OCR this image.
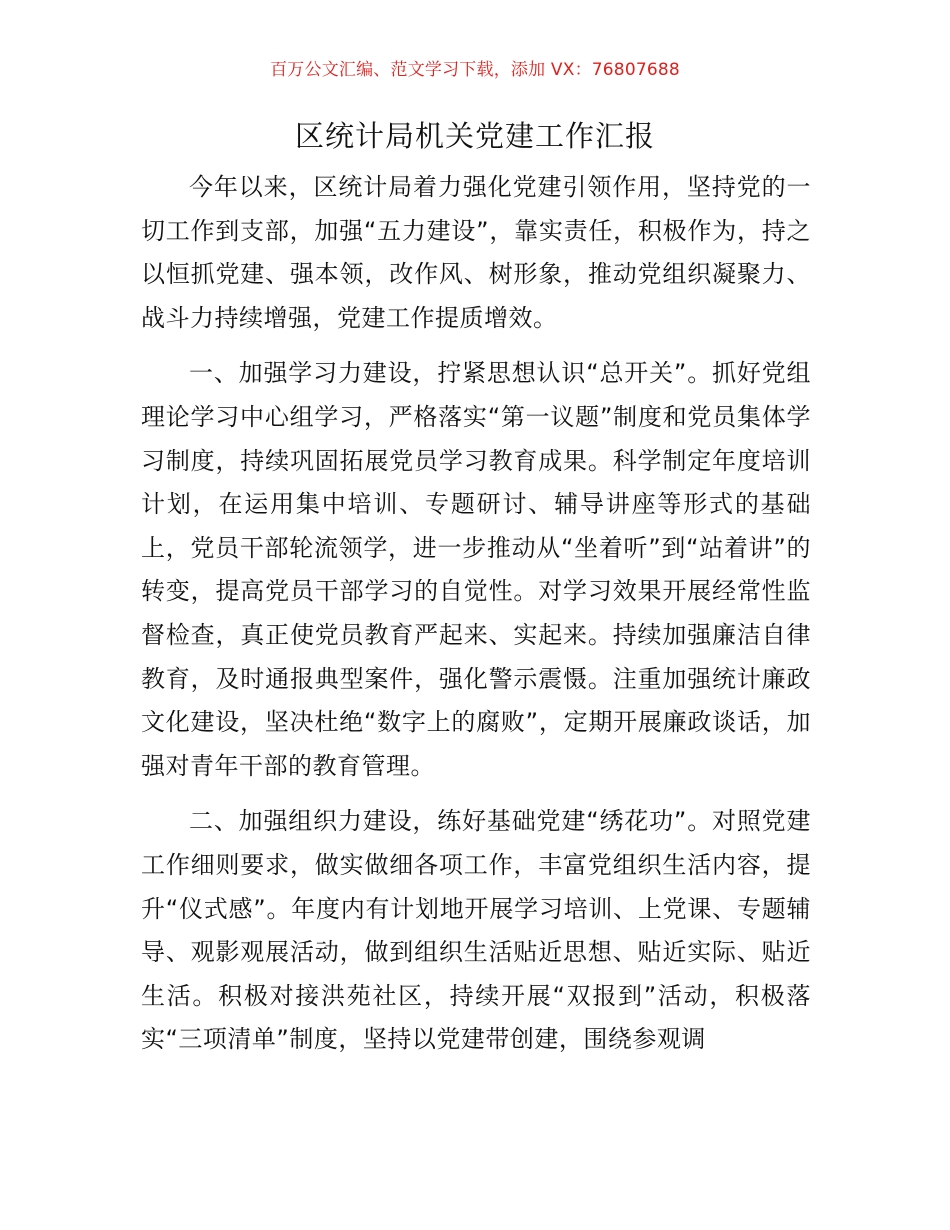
百万公文汇编、范文学习下载，添加 VX：76807688
区统计局机关党建工作汇报

今年以来，区统计局着力强化党建引领作用，坚持党的一切工作到支部，加强“五力建设”，靠实责任，积极作为，持之以恒抓党建、强本领，改作风、树形象，推动党组织凝聚力、战斗力持续增强，党建工作提质增效。

一、加强学习力建设，拧紧思想认识“总开关”。抓好党组理论学习中心组学习，严格落实“第一议题”制度和党员集体学习制度，持续巩固拓展党员学习教育成果。科学制定年度培训计划，在运用集中培训、专题研讨、辅导讲座等形式的基础上，党员干部轮流领学，进一步推动从“坐着听”到“站着讲”的转变，提高党员干部学习的自觉性。对学习效果开展经常性监督检查，真正使党员教育严起来、实起来。持续加强廉洁自律教育，及时通报典型案件，强化警示震慑。注重加强统计廉政文化建设，坚决杜绝“数字上的腐败”，定期开展廉政谈话，加强对青年干部的教育管理。

二、加强组织力建设，练好基础党建“绣花功”。对照党建工作细则要求，做实做细各项工作，丰富党组织生活内容，提升“仪式感”。年度内有计划地开展学习培训、上党课、专题辅导、观影观展活动，做到组织生活贴近思想、贴近实际、贴近生活。积极对接洪苑社区，持续开展“双报到”活动，积极落实“三项清单”制度，坚持以党建带创建，围绕参观调
